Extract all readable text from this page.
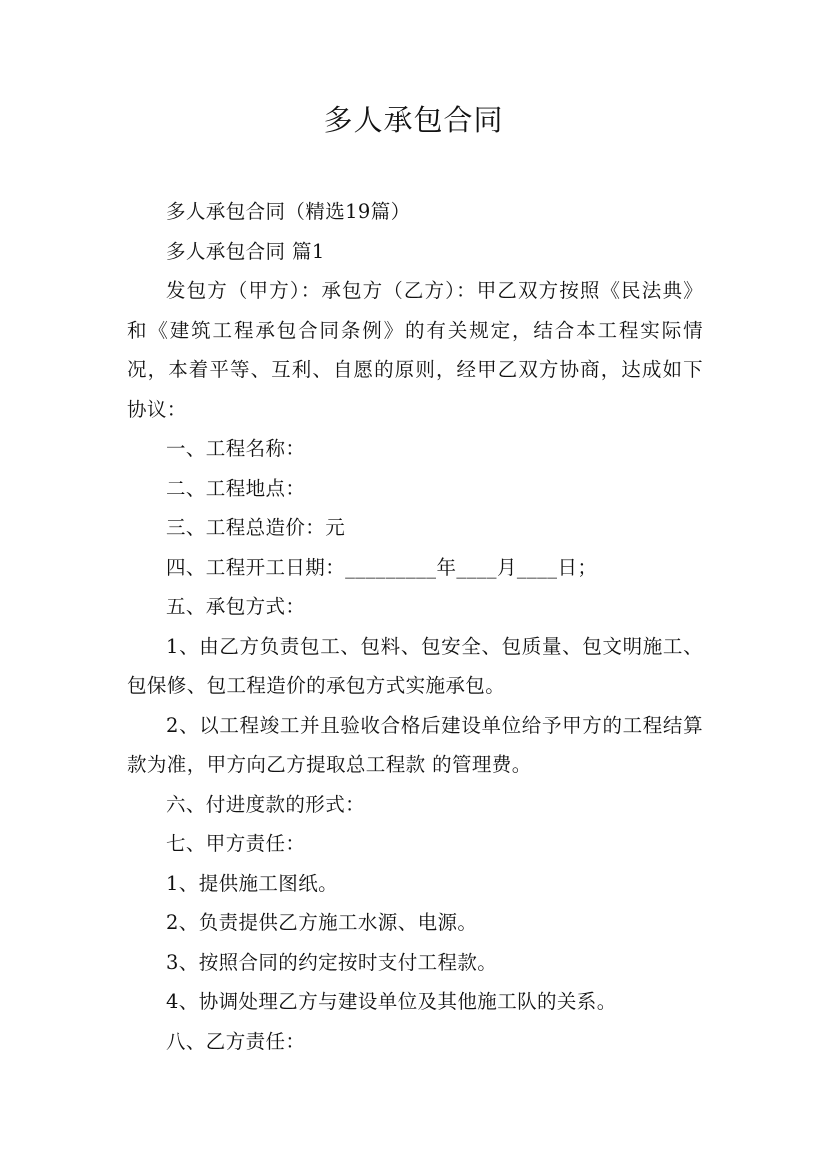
多人承包合同

多人承包合同（精选19篇）

多人承包合同 篇1

发包方（甲方）：承包方（乙方）：甲乙双方按照《民法典》和《建筑工程承包合同条例》的有关规定，结合本工程实际情况，本着平等、互利、自愿的原则，经甲乙双方协商，达成如下协议：

一、工程名称：

二、工程地点：

三、工程总造价：元

四、工程开工日期：_________年____月____日；

五、承包方式：

1、由乙方负责包工、包料、包安全、包质量、包文明施工、包保修、包工程造价的承包方式实施承包。

2、以工程竣工并且验收合格后建设单位给予甲方的工程结算款为准，甲方向乙方提取总工程款 的管理费。

六、付进度款的形式：

七、甲方责任：

1、提供施工图纸。

2、负责提供乙方施工水源、电源。

3、按照合同的约定按时支付工程款。

4、协调处理乙方与建设单位及其他施工队的关系。

八、乙方责任：
